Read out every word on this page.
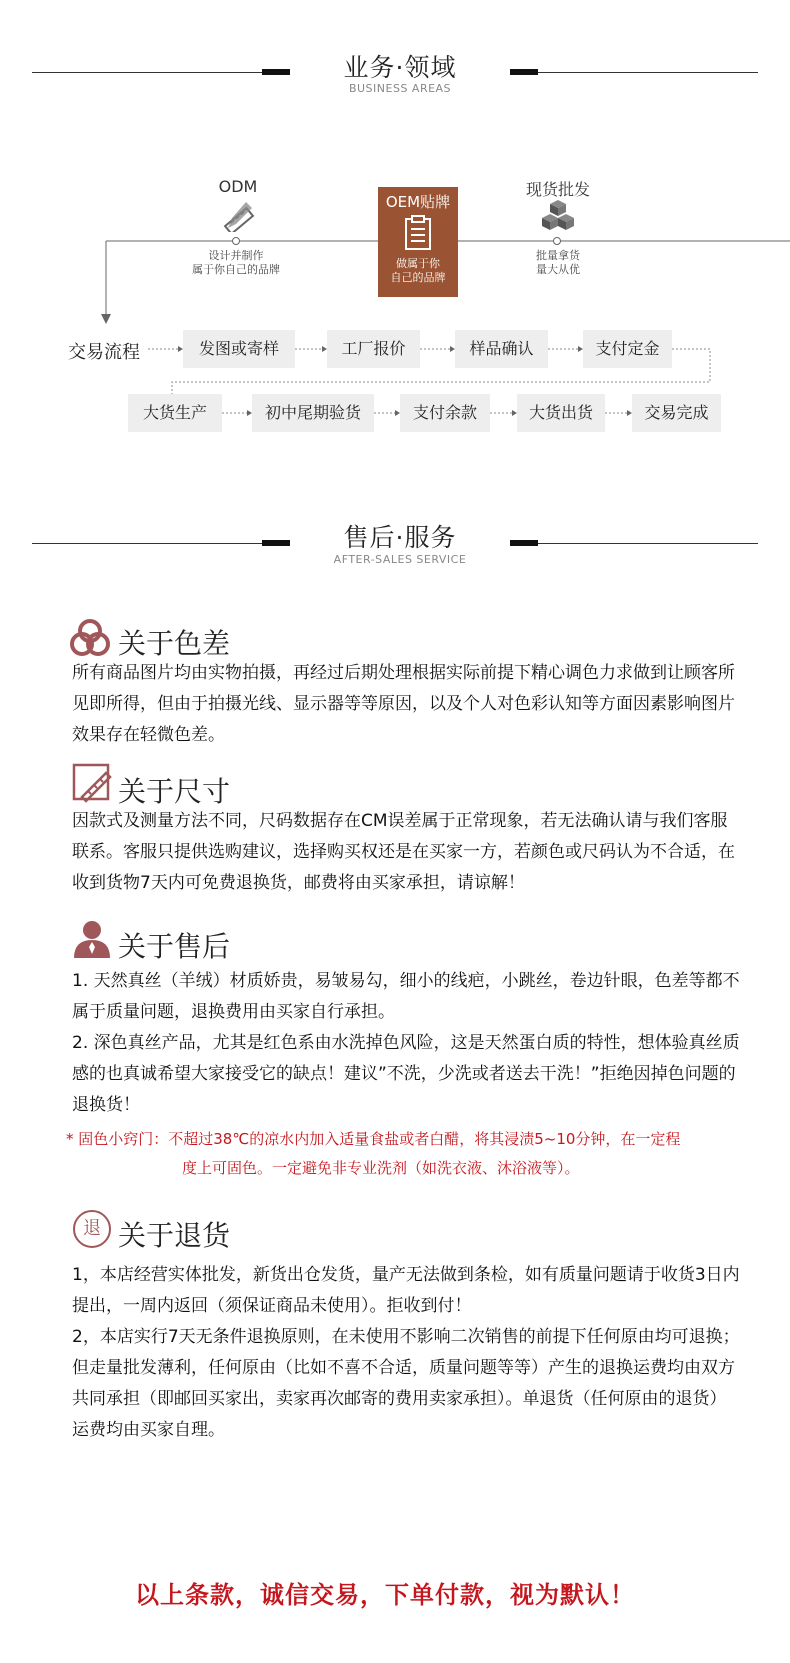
业务·领域
BUSINESS AREAS
ODM
设计并制作
属于你自己的品牌
OEM贴牌
做属于你
自己的品牌
现货批发
批量拿货
量大从优
交易流程	发图或寄样	工厂报价	样品确认	支付定金
大货生产	初中尾期验货	支付余款	大货出货	交易完成
售后·服务
AFTER-SALES SERVICE
关于色差
所有商品图片均由实物拍摄，再经过后期处理根据实际前提下精心调色力求做到让顾客所
见即所得，但由于拍摄光线、显示器等等原因，以及个人对色彩认知等方面因素影响图片
效果存在轻微色差。
关于尺寸
因款式及测量方法不同，尺码数据存在CM误差属于正常现象，若无法确认请与我们客服
联系。客服只提供选购建议，选择购买权还是在买家一方，若颜色或尺码认为不合适，在
收到货物7天内可免费退换货，邮费将由买家承担，请谅解！
关于售后
1. 天然真丝（羊绒）材质娇贵，易皱易勾，细小的线疤，小跳丝，卷边针眼，色差等都不
属于质量问题，退换费用由买家自行承担。
2. 深色真丝产品，尤其是红色系由水洗掉色风险，这是天然蛋白质的特性，想体验真丝质
感的也真诚希望大家接受它的缺点！建议”不洗，少洗或者送去干洗！”拒绝因掉色问题的
退换货！
* 固色小窍门：不超过38℃的凉水内加入适量食盐或者白醋，将其浸渍5~10分钟，在一定程
度上可固色。一定避免非专业洗剂（如洗衣液、沐浴液等）。
退 关于退货
1，本店经营实体批发，新货出仓发货，量产无法做到条检，如有质量问题请于收货3日内
提出，一周内返回（须保证商品未使用）。拒收到付！
2，本店实行7天无条件退换原则，在未使用不影响二次销售的前提下任何原由均可退换；
但走量批发薄利，任何原由（比如不喜不合适，质量问题等等）产生的退换运费均由双方
共同承担（即邮回买家出，卖家再次邮寄的费用卖家承担）。单退货（任何原由的退货）
运费均由买家自理。
以上条款，诚信交易，下单付款，视为默认！
